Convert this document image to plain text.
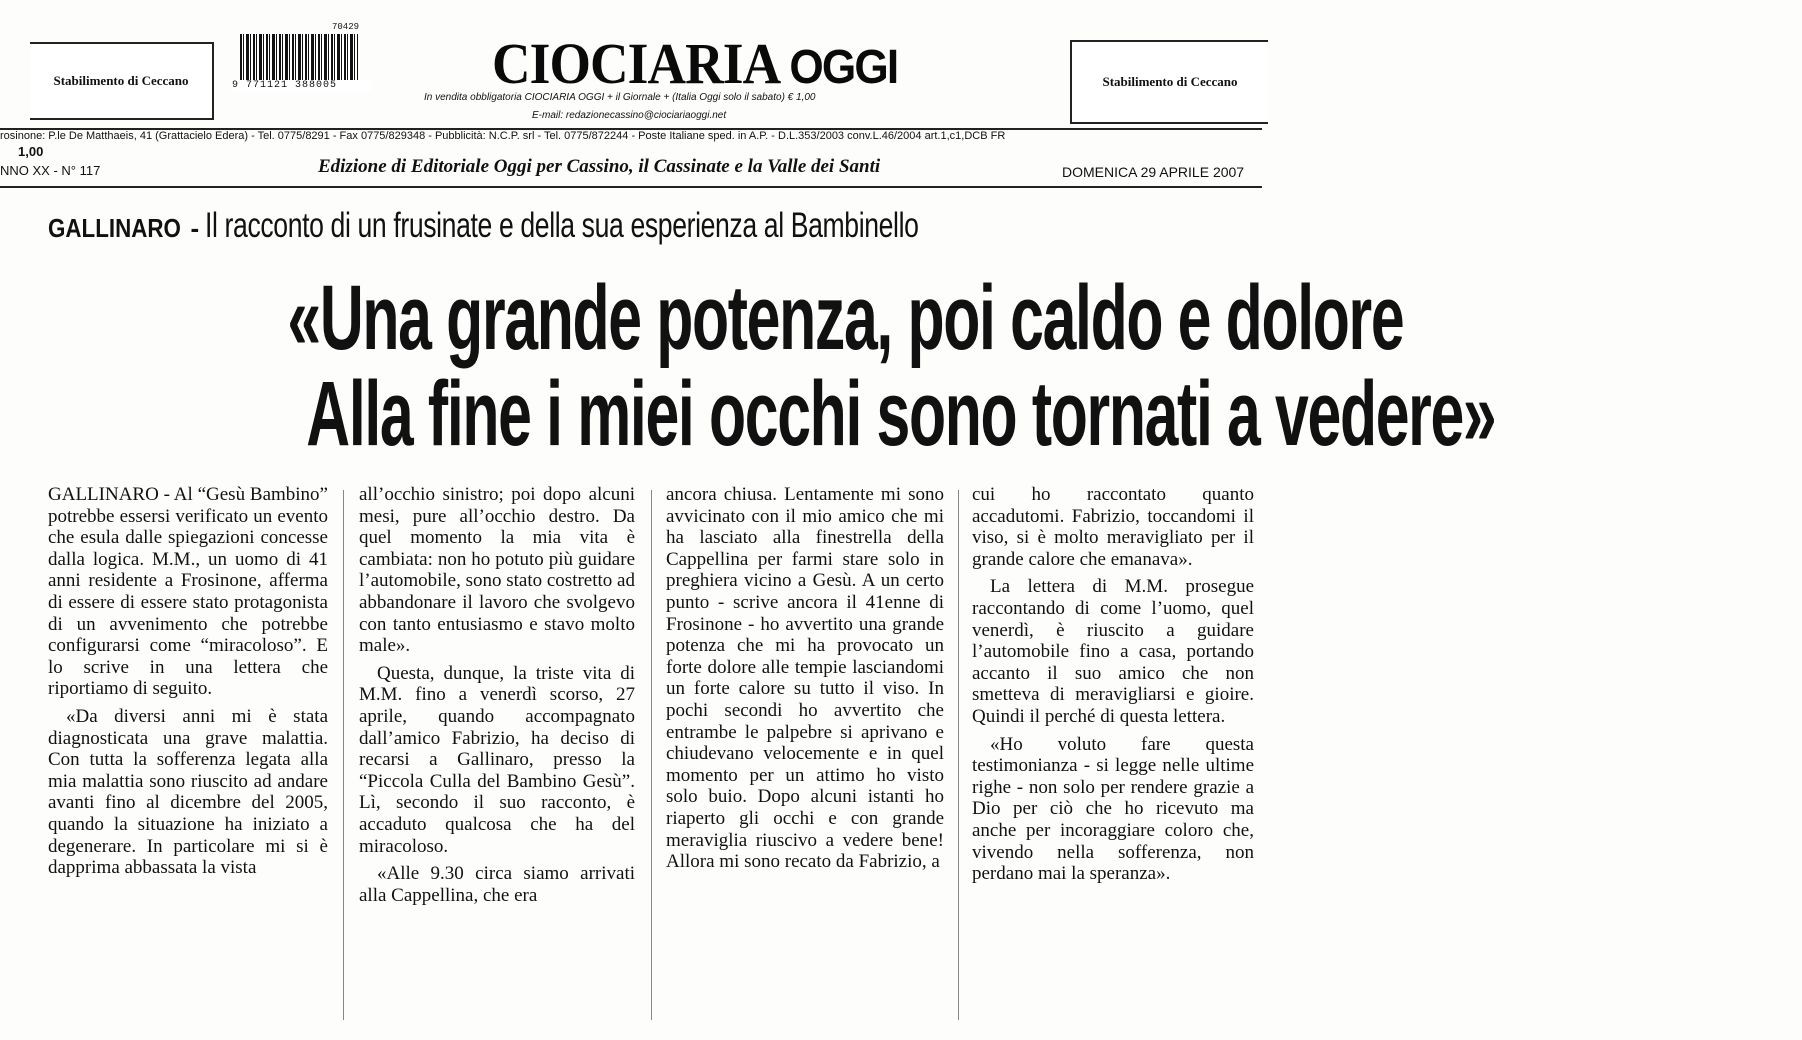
Stabilimento di Ceccano
70429
9 771121 388005	CIOCIARIA OGGI
In vendita obbligatoria CIOCIARIA OGGI + il Giornale + (Italia Oggi solo il sabato) € 1,00
E-mail: redazionecassino@ciociariaoggi.net
Stabilimento di Ceccano
rosinone: P.le De Matthaeis, 41 (Grattacielo Edera) - Tel. 0775/8291 - Fax 0775/829348 - Pubblicità: N.C.P. srl - Tel. 0775/872244 - Poste Italiane sped. in A.P. - D.L.353/2003 conv.L.46/2004 art.1,c1,DCB FR
1,00
NNO XX - N° 117	Edizione di Editoriale Oggi per Cassino, il Cassinate e la Valle dei Santi	DOMENICA 29 APRILE 2007
GALLINARO - Il racconto di un frusinate e della sua esperienza al Bambinello
«Una grande potenza, poi caldo e dolore
Alla fine i miei occhi sono tornati a vedere»

GALLINARO - Al “Gesù Bambino” potrebbe essersi verificato un evento che esula dalle spiegazioni concesse dalla logica. M.M., un uomo di 41 anni residente a Frosinone, afferma di essere di essere stato protagonista di un avvenimento che potrebbe configurarsi come “miracoloso”. E lo scrive in una lettera che riportiamo di seguito.

«Da diversi anni mi è stata diagnosticata una grave malattia. Con tutta la sofferenza legata alla mia malattia sono riuscito ad andare avanti fino al dicembre del 2005, quando la situazione ha iniziato a degenerare. In particolare mi si è dapprima abbassata la vista

all’occhio sinistro; poi dopo alcuni mesi, pure all’occhio destro. Da quel momento la mia vita è cambiata: non ho potuto più guidare l’automobile, sono stato costretto ad abbandonare il lavoro che svolgevo con tanto entusiasmo e stavo molto male».

Questa, dunque, la triste vita di M.M. fino a venerdì scorso, 27 aprile, quando accompagnato dall’amico Fabrizio, ha deciso di recarsi a Gallinaro, presso la “Piccola Culla del Bambino Gesù”. Lì, secondo il suo racconto, è accaduto qualcosa che ha del miracoloso.

«Alle 9.30 circa siamo arrivati alla Cappellina, che era

ancora chiusa. Lentamente mi sono avvicinato con il mio amico che mi ha lasciato alla finestrella della Cappellina per farmi stare solo in preghiera vicino a Gesù. A un certo punto - scrive ancora il 41enne di Frosinone - ho avvertito una grande potenza che mi ha provocato un forte dolore alle tempie lasciandomi un forte calore su tutto il viso. In pochi secondi ho avvertito che entrambe le palpebre si aprivano e chiudevano velocemente e in quel momento per un attimo ho visto solo buio. Dopo alcuni istanti ho riaperto gli occhi e con grande meraviglia riuscivo a vedere bene! Allora mi sono recato da Fabrizio, a

cui ho raccontato quanto accadutomi. Fabrizio, toccandomi il viso, si è molto meravigliato per il grande calore che emanava».

La lettera di M.M. prosegue raccontando di come l’uomo, quel venerdì, è riuscito a guidare l’automobile fino a casa, portando accanto il suo amico che non smetteva di meravigliarsi e gioire. Quindi il perché di questa lettera.

«Ho voluto fare questa testimonianza - si legge nelle ultime righe - non solo per rendere grazie a Dio per ciò che ho ricevuto ma anche per incoraggiare coloro che, vivendo nella sofferenza, non perdano mai la speranza».
